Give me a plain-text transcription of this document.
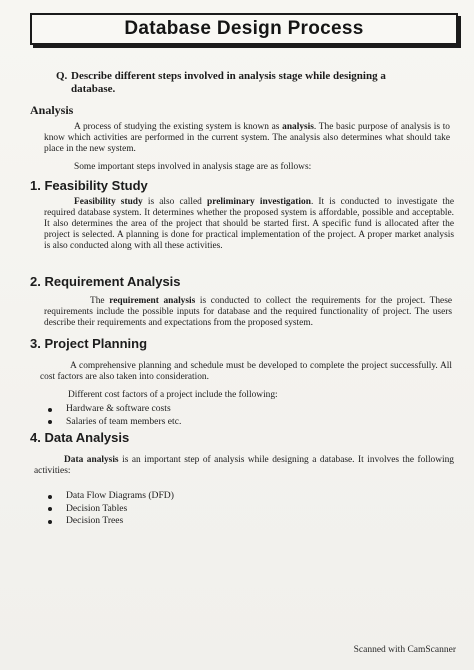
Database Design Process
Q. Describe different steps involved in analysis stage while designing a
database.
Analysis
A process of studying the existing system is known as analysis. The basic purpose of analysis is to know which activities are performed in the current system. The analysis also determines what should take place in the new system.
Some important steps involved in analysis stage are as follows:
1. Feasibility Study
Feasibility study is also called preliminary investigation. It is conducted to investigate the required database system. It determines whether the proposed system is affordable, possible and acceptable. It also determines the area of the project that should be started first. A specific fund is allocated after the project is selected. A planning is done for practical implementation of the project. A proper market analysis is also conducted along with all these activities.
2. Requirement Analysis
The requirement analysis is conducted to collect the requirements for the project. These requirements include the possible inputs for database and the required functionality of project. The users describe their requirements and expectations from the proposed system.
3. Project Planning
A comprehensive planning and schedule must be developed to complete the project successfully. All cost factors are also taken into consideration.
Different cost factors of a project include the following:
Hardware & software costs
Salaries of team members etc.
4. Data Analysis
Data analysis is an important step of analysis while designing a database. It involves the following activities:
Data Flow Diagrams (DFD)
Decision Tables
Decision Trees
Scanned with CamScanner
